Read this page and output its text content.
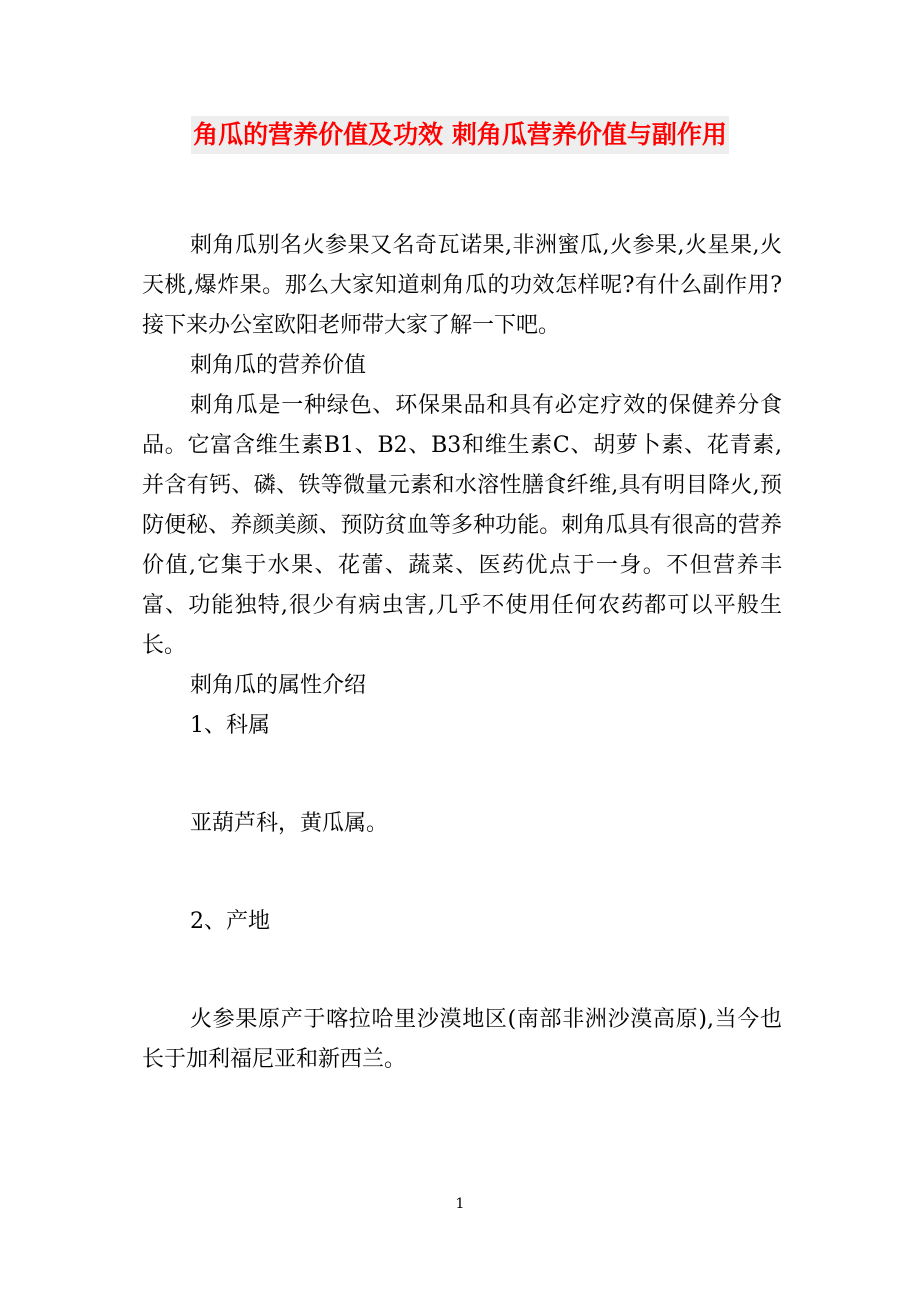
角瓜的营养价值及功效 刺角瓜营养价值与副作用

刺角瓜别名火参果又名奇瓦诺果,非洲蜜瓜,火参果,火星果,火天桃,爆炸果。那么大家知道刺角瓜的功效怎样呢?有什么副作用?接下来办公室欧阳老师带大家了解一下吧。

刺角瓜的营养价值

刺角瓜是一种绿色、环保果品和具有必定疗效的保健养分食品。它富含维生素B1、B2、B3和维生素C、胡萝卜素、花青素,并含有钙、磷、铁等微量元素和水溶性膳食纤维,具有明目降火,预防便秘、养颜美颜、预防贫血等多种功能。刺角瓜具有很高的营养价值,它集于水果、花蕾、蔬菜、医药优点于一身。不但营养丰富、功能独特,很少有病虫害,几乎不使用任何农药都可以平般生长。

刺角瓜的属性介绍

1、科属

亚葫芦科，黄瓜属。

2、产地

火参果原产于喀拉哈里沙漠地区(南部非洲沙漠高原),当今也长于加利福尼亚和新西兰。

1
